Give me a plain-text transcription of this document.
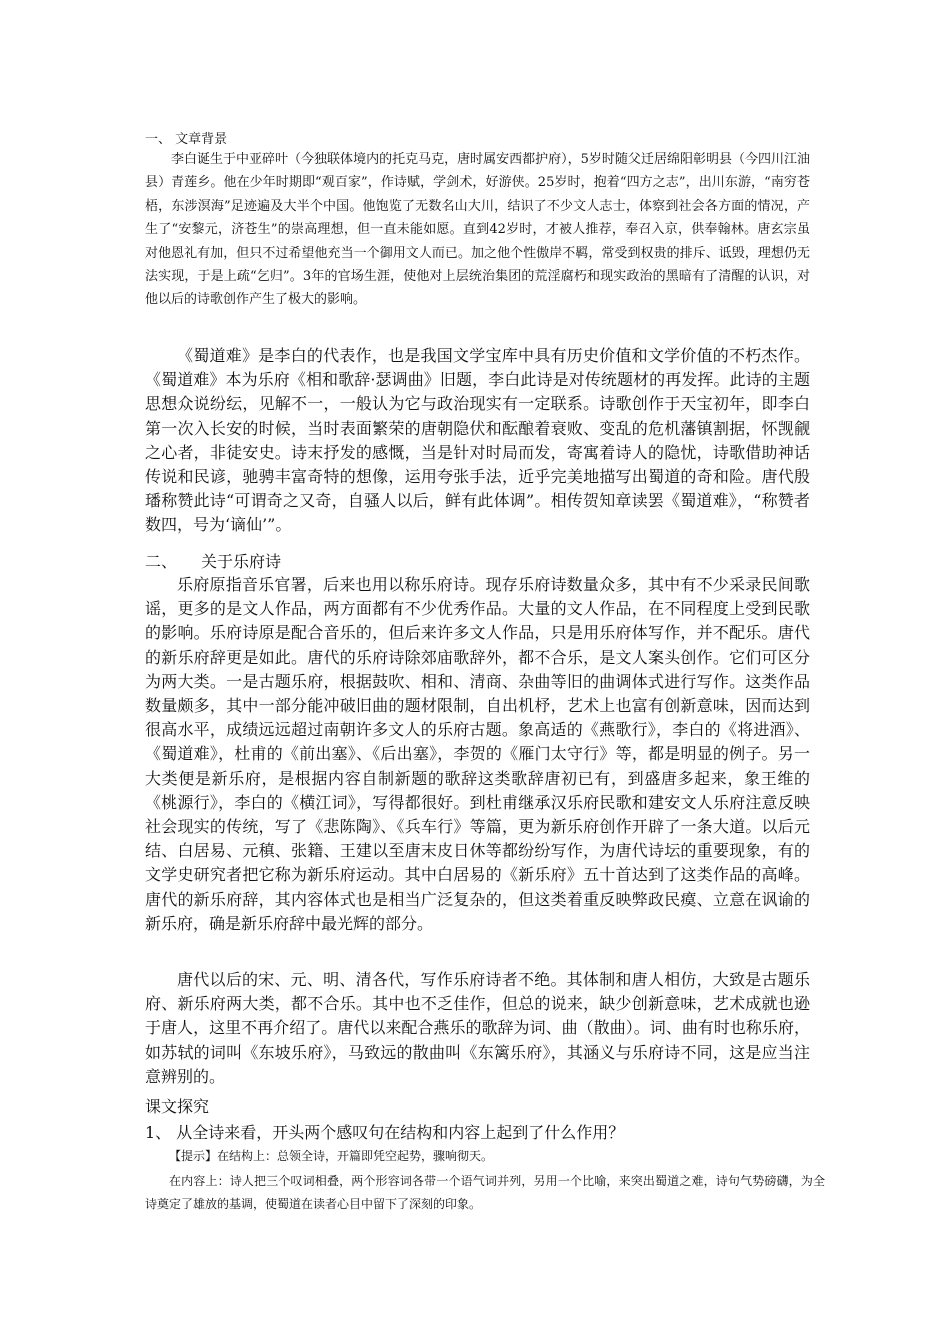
一、 文章背景
李白诞生于中亚碎叶（今独联体境内的托克马克，唐时属安西都护府），5岁时随父迁居绵阳彰明县（今四川江油县）青莲乡。他在少年时期即“观百家”，作诗赋，学剑术，好游侠。25岁时，抱着“四方之志”，出川东游，“南穷苍梧，东涉溟海”足迹遍及大半个中国。他饱览了无数名山大川，结识了不少文人志士，体察到社会各方面的情况，产生了“安黎元，济苍生”的崇高理想，但一直未能如愿。直到42岁时，才被人推荐，奉召入京，供奉翰林。唐玄宗虽对他恩礼有加，但只不过希望他充当一个御用文人而已。加之他个性傲岸不羁，常受到权贵的排斥、诋毁，理想仍无法实现，于是上疏“乞归”。3年的官场生涯，使他对上层统治集团的荒淫腐朽和现实政治的黑暗有了清醒的认识，对他以后的诗歌创作产生了极大的影响。
《蜀道难》是李白的代表作，也是我国文学宝库中具有历史价值和文学价值的不朽杰作。《蜀道难》本为乐府《相和歌辞·瑟调曲》旧题，李白此诗是对传统题材的再发挥。此诗的主题思想众说纷纭，见解不一，一般认为它与政治现实有一定联系。诗歌创作于天宝初年，即李白第一次入长安的时候，当时表面繁荣的唐朝隐伏和酝酿着衰败、变乱的危机藩镇割据，怀觊觎之心者，非徒安史。诗末抒发的感慨，当是针对时局而发，寄寓着诗人的隐忧，诗歌借助神话传说和民谚，驰骋丰富奇特的想像，运用夸张手法，近乎完美地描写出蜀道的奇和险。唐代殷璠称赞此诗“可谓奇之又奇，自骚人以后，鲜有此体调”。相传贺知章读罢《蜀道难》，“称赞者数四，号为‘谪仙’”。
二、　　关于乐府诗
乐府原指音乐官署，后来也用以称乐府诗。现存乐府诗数量众多，其中有不少采录民间歌谣，更多的是文人作品，两方面都有不少优秀作品。大量的文人作品，在不同程度上受到民歌的影响。乐府诗原是配合音乐的，但后来许多文人作品，只是用乐府体写作，并不配乐。唐代的新乐府辞更是如此。唐代的乐府诗除郊庙歌辞外，都不合乐，是文人案头创作。它们可区分为两大类。一是古题乐府，根据鼓吹、相和、清商、杂曲等旧的曲调体式进行写作。这类作品数量颇多，其中一部分能冲破旧曲的题材限制，自出机杼，艺术上也富有创新意味，因而达到很高水平，成绩远远超过南朝许多文人的乐府古题。象高适的《燕歌行》，李白的《将进酒》、《蜀道难》，杜甫的《前出塞》、《后出塞》，李贺的《雁门太守行》等，都是明显的例子。另一大类便是新乐府，是根据内容自制新题的歌辞这类歌辞唐初已有，到盛唐多起来，象王维的《桃源行》，李白的《横江词》，写得都很好。到杜甫继承汉乐府民歌和建安文人乐府注意反映社会现实的传统，写了《悲陈陶》、《兵车行》等篇，更为新乐府创作开辟了一条大道。以后元结、白居易、元稹、张籍、王建以至唐末皮日休等都纷纷写作，为唐代诗坛的重要现象，有的文学史研究者把它称为新乐府运动。其中白居易的《新乐府》五十首达到了这类作品的高峰。唐代的新乐府辞，其内容体式也是相当广泛复杂的，但这类着重反映弊政民瘼、立意在讽谕的新乐府，确是新乐府辞中最光辉的部分。
唐代以后的宋、元、明、清各代，写作乐府诗者不绝。其体制和唐人相仿，大致是古题乐府、新乐府两大类，都不合乐。其中也不乏佳作，但总的说来，缺少创新意味，艺术成就也逊于唐人，这里不再介绍了。唐代以来配合燕乐的歌辞为词、曲（散曲）。词、曲有时也称乐府，如苏轼的词叫《东坡乐府》，马致远的散曲叫《东篱乐府》，其涵义与乐府诗不同，这是应当注意辨别的。
课文探究
1、 从全诗来看，开头两个感叹句在结构和内容上起到了什么作用？
【提示】在结构上：总领全诗，开篇即凭空起势，骤响彻天。
在内容上：诗人把三个叹词相叠，两个形容词各带一个语气词并列，另用一个比喻，来突出蜀道之难，诗句气势磅礴，为全诗奠定了雄放的基调，使蜀道在读者心目中留下了深刻的印象。
